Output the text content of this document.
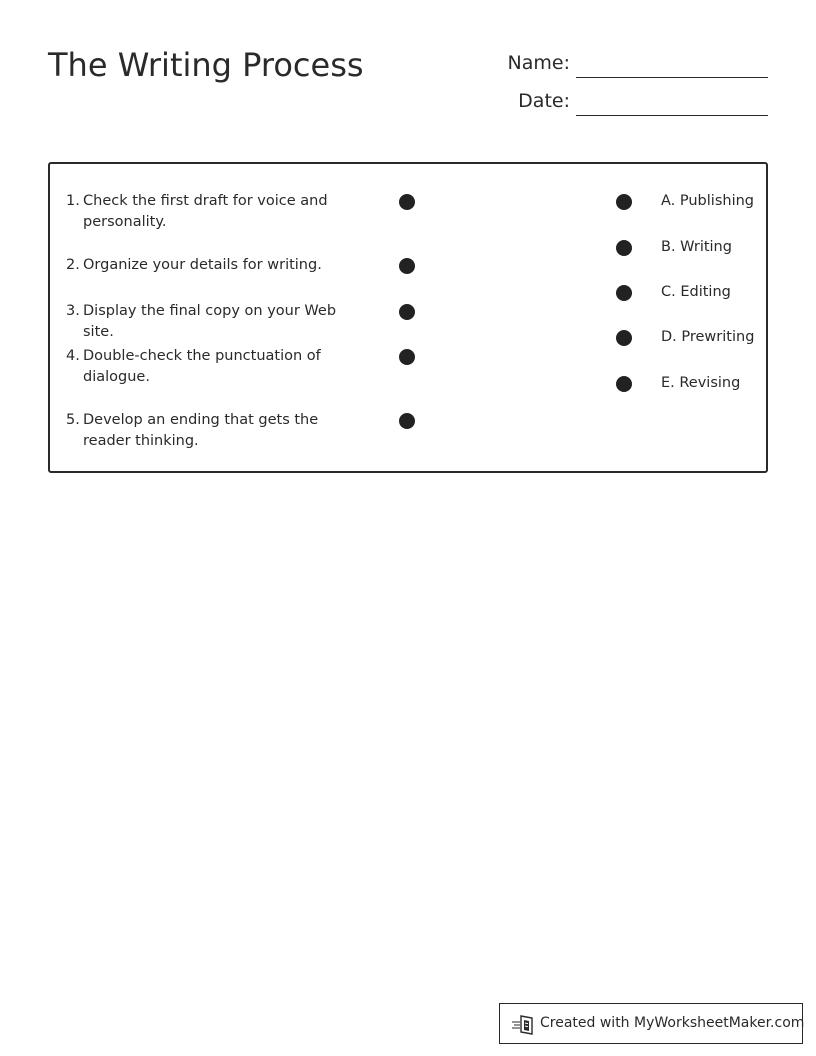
The Writing Process	Name:
Date:
1. Check the first draft for voice and personality.
2. Organize your details for writing.
3. Display the final copy on your Web site.
4. Double-check the punctuation of dialogue.
5. Develop an ending that gets the reader thinking.
A. Publishing
B. Writing
C. Editing
D. Prewriting
E. Revising
Created with MyWorksheetMaker.com
